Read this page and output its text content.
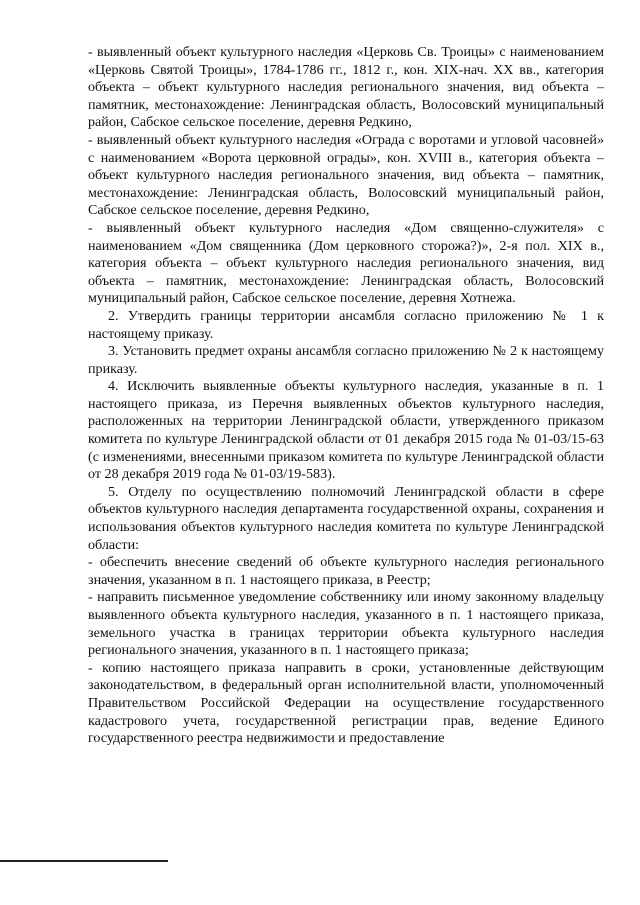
- выявленный объект культурного наследия «Церковь Св. Троицы» с наименованием «Церковь Святой Троицы», 1784-1786 гг., 1812 г., кон. XIX-нач. XX вв., категория объекта – объект культурного наследия регионального значения, вид объекта – памятник, местонахождение: Ленинградская область, Волосовский муниципальный район, Сабское сельское поселение, деревня Редкино,

- выявленный объект культурного наследия «Ограда с воротами и угловой часовней» с наименованием «Ворота церковной ограды», кон. XVIII в., категория объекта – объект культурного наследия регионального значения, вид объекта – памятник, местонахождение: Ленинградская область, Волосовский муниципальный район, Сабское сельское поселение, деревня Редкино,

- выявленный объект культурного наследия «Дом священно-служителя» с наименованием «Дом священника (Дом церковного сторожа?)», 2-я пол. XIX в., категория объекта – объект культурного наследия регионального значения, вид объекта – памятник, местонахождение: Ленинградская область, Волосовский муниципальный район, Сабское сельское поселение, деревня Хотнежа.

2. Утвердить границы территории ансамбля согласно приложению № 1 к настоящему приказу.

3. Установить предмет охраны ансамбля согласно приложению № 2 к настоящему приказу.

4. Исключить выявленные объекты культурного наследия, указанные в п. 1 настоящего приказа, из Перечня выявленных объектов культурного наследия, расположенных на территории Ленинградской области, утвержденного приказом комитета по культуре Ленинградской области от 01 декабря 2015 года № 01-03/15-63 (с изменениями, внесенными приказом комитета по культуре Ленинградской области от 28 декабря 2019 года № 01-03/19-583).

5. Отделу по осуществлению полномочий Ленинградской области в сфере объектов культурного наследия департамента государственной охраны, сохранения и использования объектов культурного наследия комитета по культуре Ленинградской области:

- обеспечить внесение сведений об объекте культурного наследия регионального значения, указанном в п. 1 настоящего приказа, в Реестр;

- направить письменное уведомление собственнику или иному законному владельцу выявленного объекта культурного наследия, указанного в п. 1 настоящего приказа, земельного участка в границах территории объекта культурного наследия регионального значения, указанного в п. 1 настоящего приказа;

- копию настоящего приказа направить в сроки, установленные действующим законодательством, в федеральный орган исполнительной власти, уполномоченный Правительством Российской Федерации на осуществление государственного кадастрового учета, государственной регистрации прав, ведение Единого государственного реестра недвижимости и предоставление
